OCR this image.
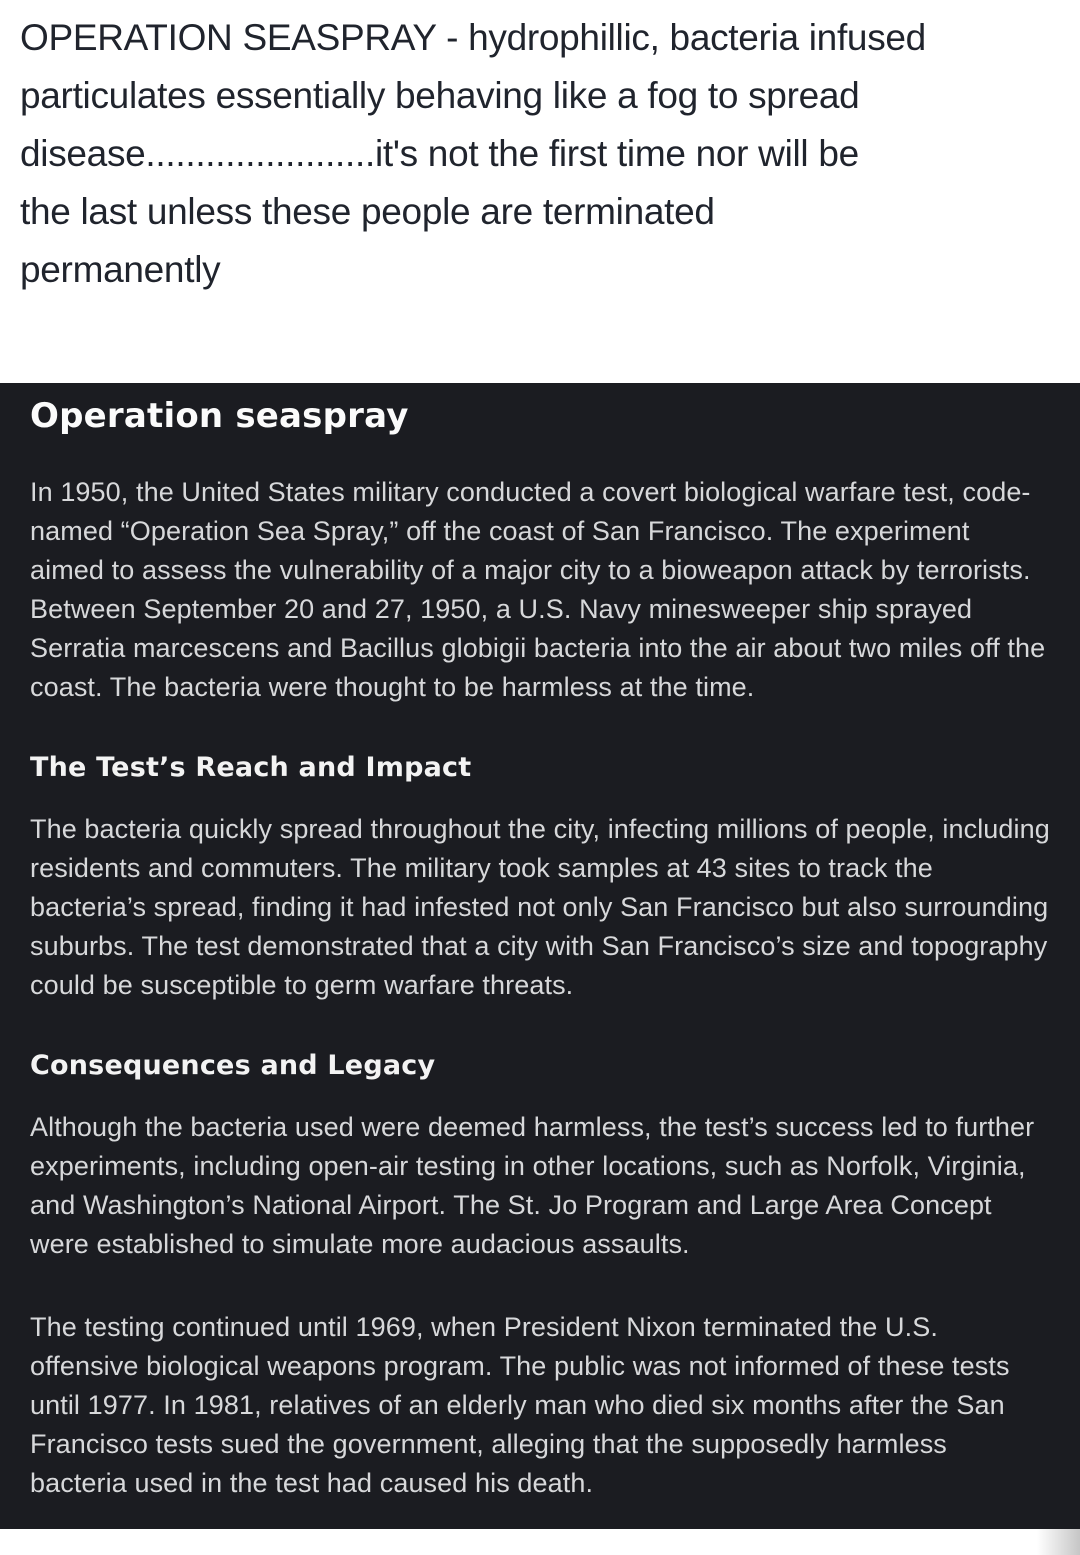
OPERATION SEASPRAY - hydrophillic, bacteria infused
particulates essentially behaving like a fog to spread
disease.......................it's not the first time nor will be
the last unless these people are terminated
permanently
Operation seaspray

In 1950, the United States military conducted a covert biological warfare test, code-named “Operation Sea Spray,” off the coast of San Francisco. The experiment aimed to assess the vulnerability of a major city to a bioweapon attack by terrorists. Between September 20 and 27, 1950, a U.S. Navy minesweeper ship sprayed Serratia marcescens and Bacillus globigii bacteria into the air about two miles off the coast. The bacteria were thought to be harmless at the time.

The Test’s Reach and Impact

The bacteria quickly spread throughout the city, infecting millions of people, including residents and commuters. The military took samples at 43 sites to track the bacteria’s spread, finding it had infested not only San Francisco but also surrounding suburbs. The test demonstrated that a city with San Francisco’s size and topography could be susceptible to germ warfare threats.

Consequences and Legacy

Although the bacteria used were deemed harmless, the test’s success led to further experiments, including open-air testing in other locations, such as Norfolk, Virginia, and Washington’s National Airport. The St. Jo Program and Large Area Concept were established to simulate more audacious assaults.

The testing continued until 1969, when President Nixon terminated the U.S. offensive biological weapons program. The public was not informed of these tests until 1977. In 1981, relatives of an elderly man who died six months after the San Francisco tests sued the government, alleging that the supposedly harmless bacteria used in the test had caused his death.
